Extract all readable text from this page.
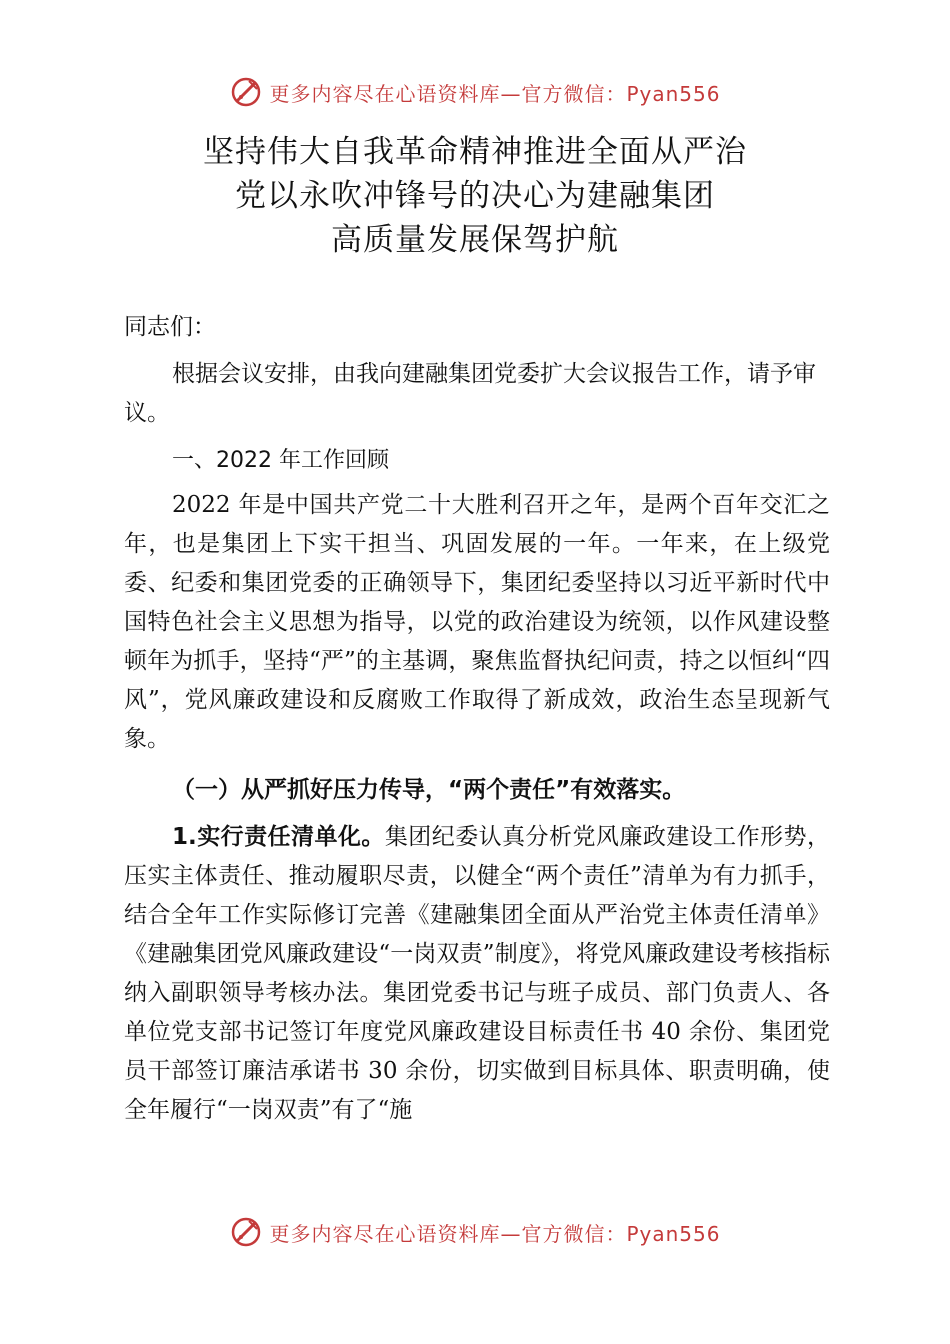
更多内容尽在心语资料库—官方微信：Pyan556
坚持伟大自我革命精神推进全面从严治
党以永吹冲锋号的决心为建融集团
高质量发展保驾护航

同志们：

根据会议安排，由我向建融集团党委扩大会议报告工作，请予审议。

一、2022 年工作回顾

2022 年是中国共产党二十大胜利召开之年，是两个百年交汇之年，也是集团上下实干担当、巩固发展的一年。一年来，在上级党委、纪委和集团党委的正确领导下，集团纪委坚持以习近平新时代中国特色社会主义思想为指导，以党的政治建设为统领，以作风建设整顿年为抓手，坚持“严”的主基调，聚焦监督执纪问责，持之以恒纠“四风”，党风廉政建设和反腐败工作取得了新成效，政治生态呈现新气象。

（一）从严抓好压力传导，“两个责任”有效落实。

1.实行责任清单化。集团纪委认真分析党风廉政建设工作形势，压实主体责任、推动履职尽责，以健全“两个责任”清单为有力抓手，结合全年工作实际修订完善《建融集团全面从严治党主体责任清单》《建融集团党风廉政建设“一岗双责”制度》，将党风廉政建设考核指标纳入副职领导考核办法。集团党委书记与班子成员、部门负责人、各单位党支部书记签订年度党风廉政建设目标责任书 40 余份、集团党员干部签订廉洁承诺书 30 余份，切实做到目标具体、职责明确，使全年履行“一岗双责”有了“施

更多内容尽在心语资料库—官方微信：Pyan556
